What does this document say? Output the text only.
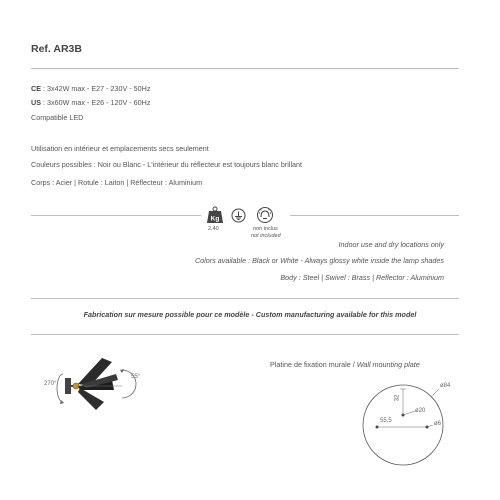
Ref. AR3B
CE : 3x42W max - E27 - 230V - 50Hz
US : 3x60W max - E26 - 120V - 60Hz
Compatible LED
Utilisation en intérieur et emplacements secs seulement
Couleurs possibles : Noir ou Blanc - L'intérieur du réflecteur est toujours blanc brillant
Corps : Acier | Rotule : Laiton | Réflecteur : Aluminium
Kg
2,40	non inclus
not included
Indoor use and dry locations only
Colors available : Black or White - Always glossy white inside the lamp shades
Body : Steel | Swivel : Brass | Reflector : Aluminium
Fabrication sur mesure possible pour ce modèle - Custom manufacturing available for this model
270°
55°
Platine de fixation murale / Wall mounting plate
ø84
32
ø20
55,5	ø6
